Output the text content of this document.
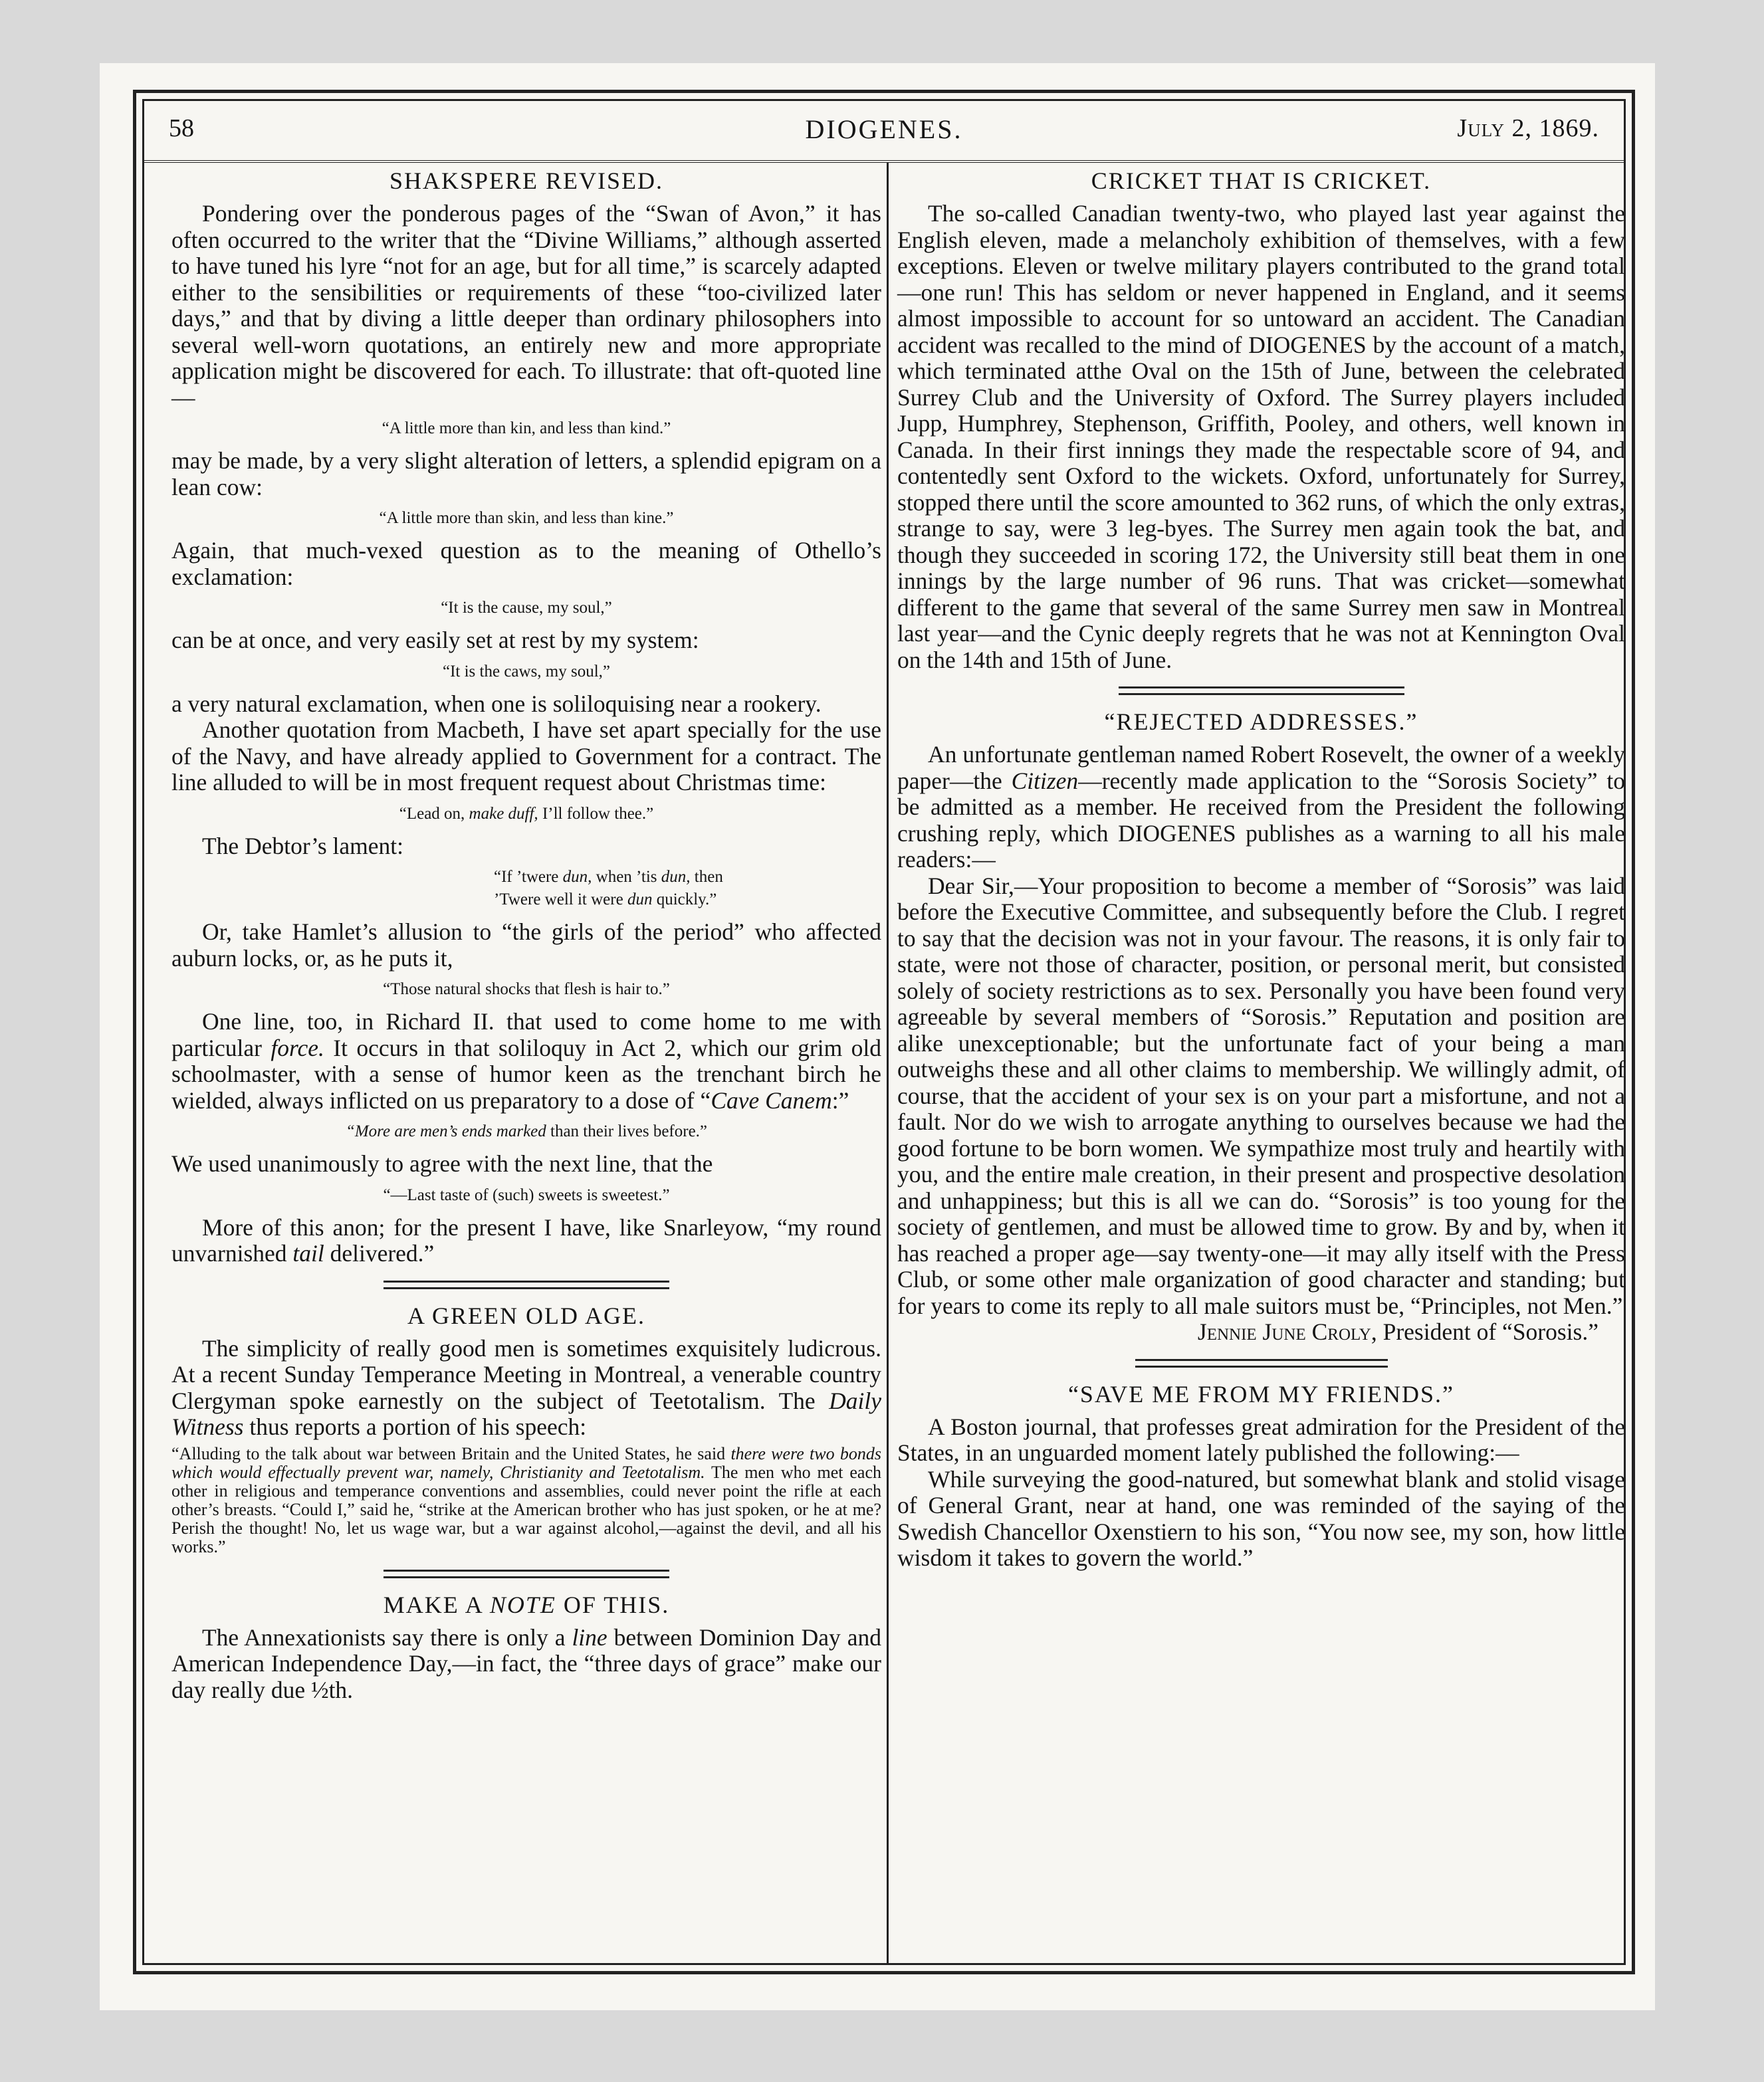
58	DIOGENES.	July 2, 1869.
SHAKSPERE REVISED.

Pondering over the ponderous pages of the “Swan of Avon,” it has often occurred to the writer that the “Divine Williams,” although asserted to have tuned his lyre “not for an age, but for all time,” is scarcely adapted either to the sensibilities or requirements of these “too-civilized later days,” and that by diving a little deeper than ordinary philosophers into several well-worn quotations, an entirely new and more appropriate application might be discovered for each. To illustrate: that oft-quoted line—

“A little more than kin, and less than kind.”

may be made, by a very slight alteration of letters, a splendid epigram on a lean cow:

“A little more than skin, and less than kine.”

Again, that much-vexed question as to the meaning of Othello’s exclamation:

“It is the cause, my soul,”

can be at once, and very easily set at rest by my system:

“It is the caws, my soul,”

a very natural exclamation, when one is soliloquising near a rookery.

Another quotation from Macbeth, I have set apart specially for the use of the Navy, and have already applied to Government for a contract. The line alluded to will be in most frequent request about Christmas time:

“Lead on, make duff, I’ll follow thee.”

The Debtor’s lament:

“If ’twere dun, when ’tis dun, then
’Twere well it were dun quickly.”

Or, take Hamlet’s allusion to “the girls of the period” who affected auburn locks, or, as he puts it,

“Those natural shocks that flesh is hair to.”

One line, too, in Richard II. that used to come home to me with particular force. It occurs in that soliloquy in Act 2, which our grim old schoolmaster, with a sense of humor keen as the trenchant birch he wielded, always inflicted on us preparatory to a dose of “Cave Canem:”

“More are men’s ends marked than their lives before.”

We used unanimously to agree with the next line, that the

“—Last taste of (such) sweets is sweetest.”

More of this anon; for the present I have, like Snarleyow, “my round unvarnished tail delivered.”

A GREEN OLD AGE.

The simplicity of really good men is sometimes exquisitely ludicrous. At a recent Sunday Temperance Meeting in Montreal, a venerable country Clergyman spoke earnestly on the subject of Teetotalism. The Daily Witness thus reports a portion of his speech:

“Alluding to the talk about war between Britain and the United States, he said there were two bonds which would effectually prevent war, namely, Christianity and Teetotalism. The men who met each other in religious and temperance conventions and assemblies, could never point the rifle at each other’s breasts. “Could I,” said he, “strike at the American brother who has just spoken, or he at me? Perish the thought! No, let us wage war, but a war against alcohol,—against the devil, and all his works.”
MAKE A NOTE OF THIS.

The Annexationists say there is only a line between Dominion Day and American Independence Day,—in fact, the “three days of grace” make our day really due ½th.

CRICKET THAT IS CRICKET.

The so-called Canadian twenty-two, who played last year against the English eleven, made a melancholy exhibition of themselves, with a few exceptions. Eleven or twelve military players contributed to the grand total—one run! This has seldom or never happened in England, and it seems almost impossible to account for so untoward an accident. The Canadian accident was recalled to the mind of DIOGENES by the account of a match, which terminated atthe Oval on the 15th of June, between the celebrated Surrey Club and the University of Oxford. The Surrey players included Jupp, Humphrey, Stephenson, Griffith, Pooley, and others, well known in Canada. In their first innings they made the respectable score of 94, and contentedly sent Oxford to the wickets. Oxford, unfortunately for Surrey, stopped there until the score amounted to 362 runs, of which the only extras, strange to say, were 3 leg-byes. The Surrey men again took the bat, and though they succeeded in scoring 172, the University still beat them in one innings by the large number of 96 runs. That was cricket—somewhat different to the game that several of the same Surrey men saw in Montreal last year—and the Cynic deeply regrets that he was not at Kennington Oval on the 14th and 15th of June.

“REJECTED ADDRESSES.”

An unfortunate gentleman named Robert Rosevelt, the owner of a weekly paper—the Citizen—recently made application to the “Sorosis Society” to be admitted as a member. He received from the President the following crushing reply, which DIOGENES publishes as a warning to all his male readers:—

Dear Sir,—Your proposition to become a member of “Sorosis” was laid before the Executive Committee, and subsequently before the Club. I regret to say that the decision was not in your favour. The reasons, it is only fair to state, were not those of character, position, or personal merit, but consisted solely of society restrictions as to sex. Personally you have been found very agreeable by several members of “Sorosis.” Reputation and position are alike unexceptionable; but the unfortunate fact of your being a man outweighs these and all other claims to membership. We willingly admit, of course, that the accident of your sex is on your part a misfortune, and not a fault. Nor do we wish to arrogate anything to ourselves because we had the good fortune to be born women. We sympathize most truly and heartily with you, and the entire male creation, in their present and prospective desolation and unhappiness; but this is all we can do. “Sorosis” is too young for the society of gentlemen, and must be allowed time to grow. By and by, when it has reached a proper age—say twenty-one—it may ally itself with the Press Club, or some other male organization of good character and standing; but for years to come its reply to all male suitors must be, “Principles, not Men.”

Jennie June Croly, President of “Sorosis.”

“SAVE ME FROM MY FRIENDS.”

A Boston journal, that professes great admiration for the President of the States, in an unguarded moment lately published the following:—

While surveying the good-natured, but somewhat blank and stolid visage of General Grant, near at hand, one was reminded of the saying of the Swedish Chancellor Oxenstiern to his son, “You now see, my son, how little wisdom it takes to govern the world.”
